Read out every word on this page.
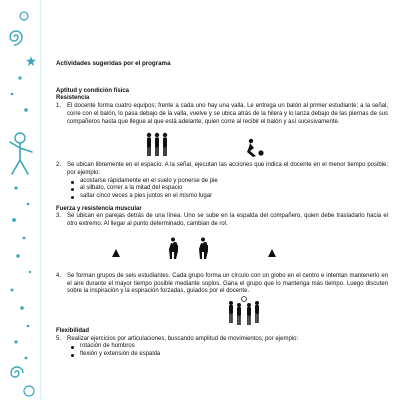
Actividades sugeridas por el programa
Aptitud y condición física
Resistencia
1. El docente forma cuatro equipos; frente a cada uno hay una valla. Le entrega un balón al primer estudiante; a la señal, corre con el balón, lo pasa debajo de la valla, vuelve y se ubica atrás de la hilera y lo lanza debajo de las piernas de sus compañeros hasta que llegue al que está adelante, quien corre al recibir el balón y así sucesivamente.
2. Se ubican libremente en el espacio. A la señal, ejecutan las acciones que indica el docente en el menor tiempo posible; por ejemplo:
acostarse rápidamente en el suelo y ponerse de pie
al silbato, correr a la mitad del espacio
saltar cinco veces a pies juntos en el mismo lugar
Fuerza y resistencia muscular
3. Se ubican en parejas detrás de una línea. Uno se sube en la espalda del compañero, quien debe trasladarlo hacia el otro extremo. Al llegar al punto determinado, cambian de rol.
4. Se forman grupos de seis estudiantes. Cada grupo forma un círculo con un globo en el centro e intentan mantenerlo en el aire durante el mayor tiempo posible mediante soplos. Gana el grupo que lo mantenga más tiempo. Luego discuten sobre la inspiración y la espiración forzadas, guiados por el docente.
Flexibilidad
5. Realizar ejercicios por articulaciones, buscando amplitud de movimientos; por ejemplo:
rotación de hombros
flexión y extensión de espalda
